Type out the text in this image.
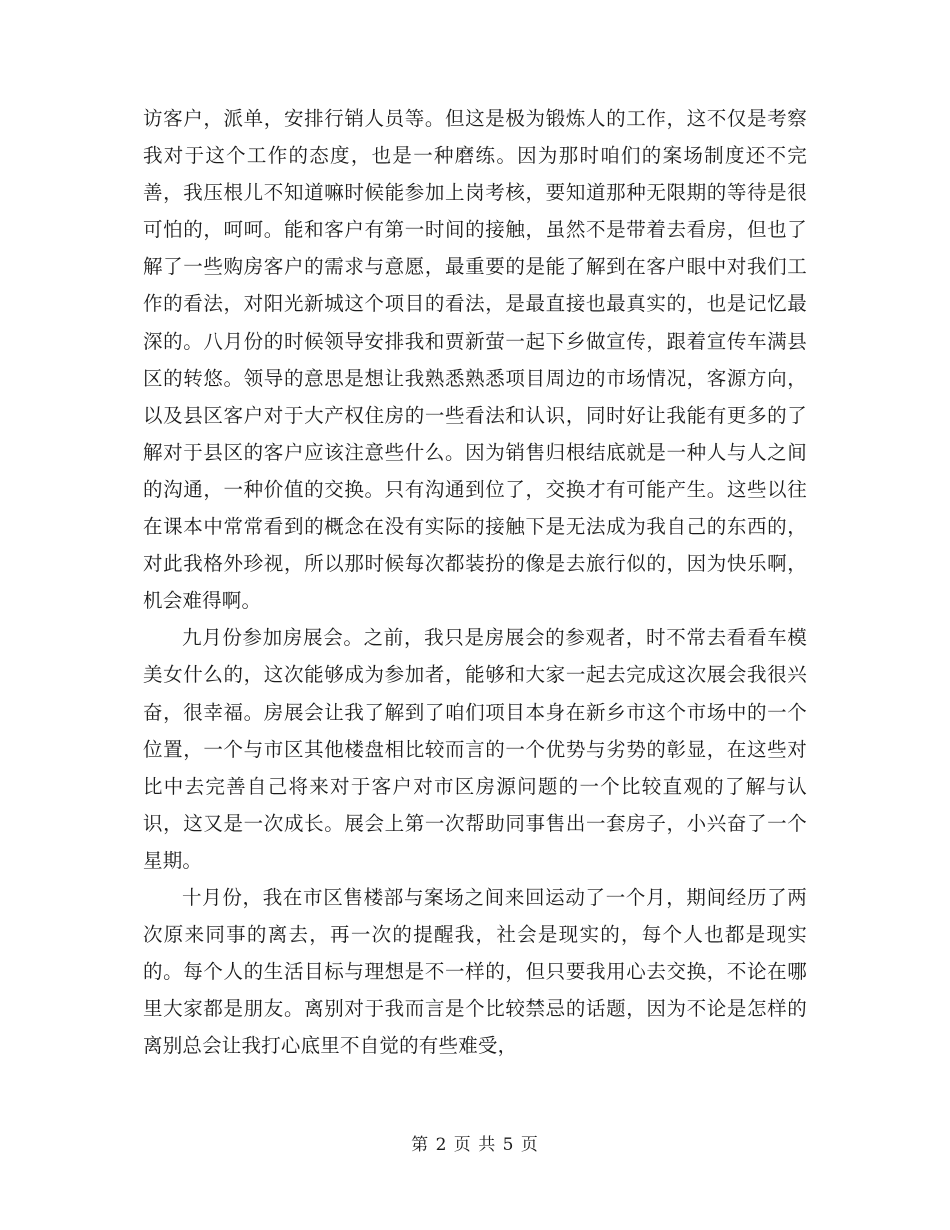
访客户，派单，安排行销人员等。但这是极为锻炼人的工作，这不仅是考察我对于这个工作的态度，也是一种磨练。因为那时咱们的案场制度还不完善，我压根儿不知道嘛时候能参加上岗考核，要知道那种无限期的等待是很可怕的，呵呵。能和客户有第一时间的接触，虽然不是带着去看房，但也了解了一些购房客户的需求与意愿，最重要的是能了解到在客户眼中对我们工作的看法，对阳光新城这个项目的看法，是最直接也最真实的，也是记忆最深的。八月份的时候领导安排我和贾新萤一起下乡做宣传，跟着宣传车满县区的转悠。领导的意思是想让我熟悉熟悉项目周边的市场情况，客源方向，以及县区客户对于大产权住房的一些看法和认识，同时好让我能有更多的了解对于县区的客户应该注意些什么。因为销售归根结底就是一种人与人之间的沟通，一种价值的交换。只有沟通到位了，交换才有可能产生。这些以往在课本中常常看到的概念在没有实际的接触下是无法成为我自己的东西的，对此我格外珍视，所以那时候每次都装扮的像是去旅行似的，因为快乐啊，机会难得啊。

九月份参加房展会。之前，我只是房展会的参观者，时不常去看看车模美女什么的，这次能够成为参加者，能够和大家一起去完成这次展会我很兴奋，很幸福。房展会让我了解到了咱们项目本身在新乡市这个市场中的一个位置，一个与市区其他楼盘相比较而言的一个优势与劣势的彰显，在这些对比中去完善自己将来对于客户对市区房源问题的一个比较直观的了解与认识，这又是一次成长。展会上第一次帮助同事售出一套房子，小兴奋了一个星期。

十月份，我在市区售楼部与案场之间来回运动了一个月，期间经历了两次原来同事的离去，再一次的提醒我，社会是现实的，每个人也都是现实的。每个人的生活目标与理想是不一样的，但只要我用心去交换，不论在哪里大家都是朋友。离别对于我而言是个比较禁忌的话题，因为不论是怎样的离别总会让我打心底里不自觉的有些难受，

第 2 页 共 5 页
